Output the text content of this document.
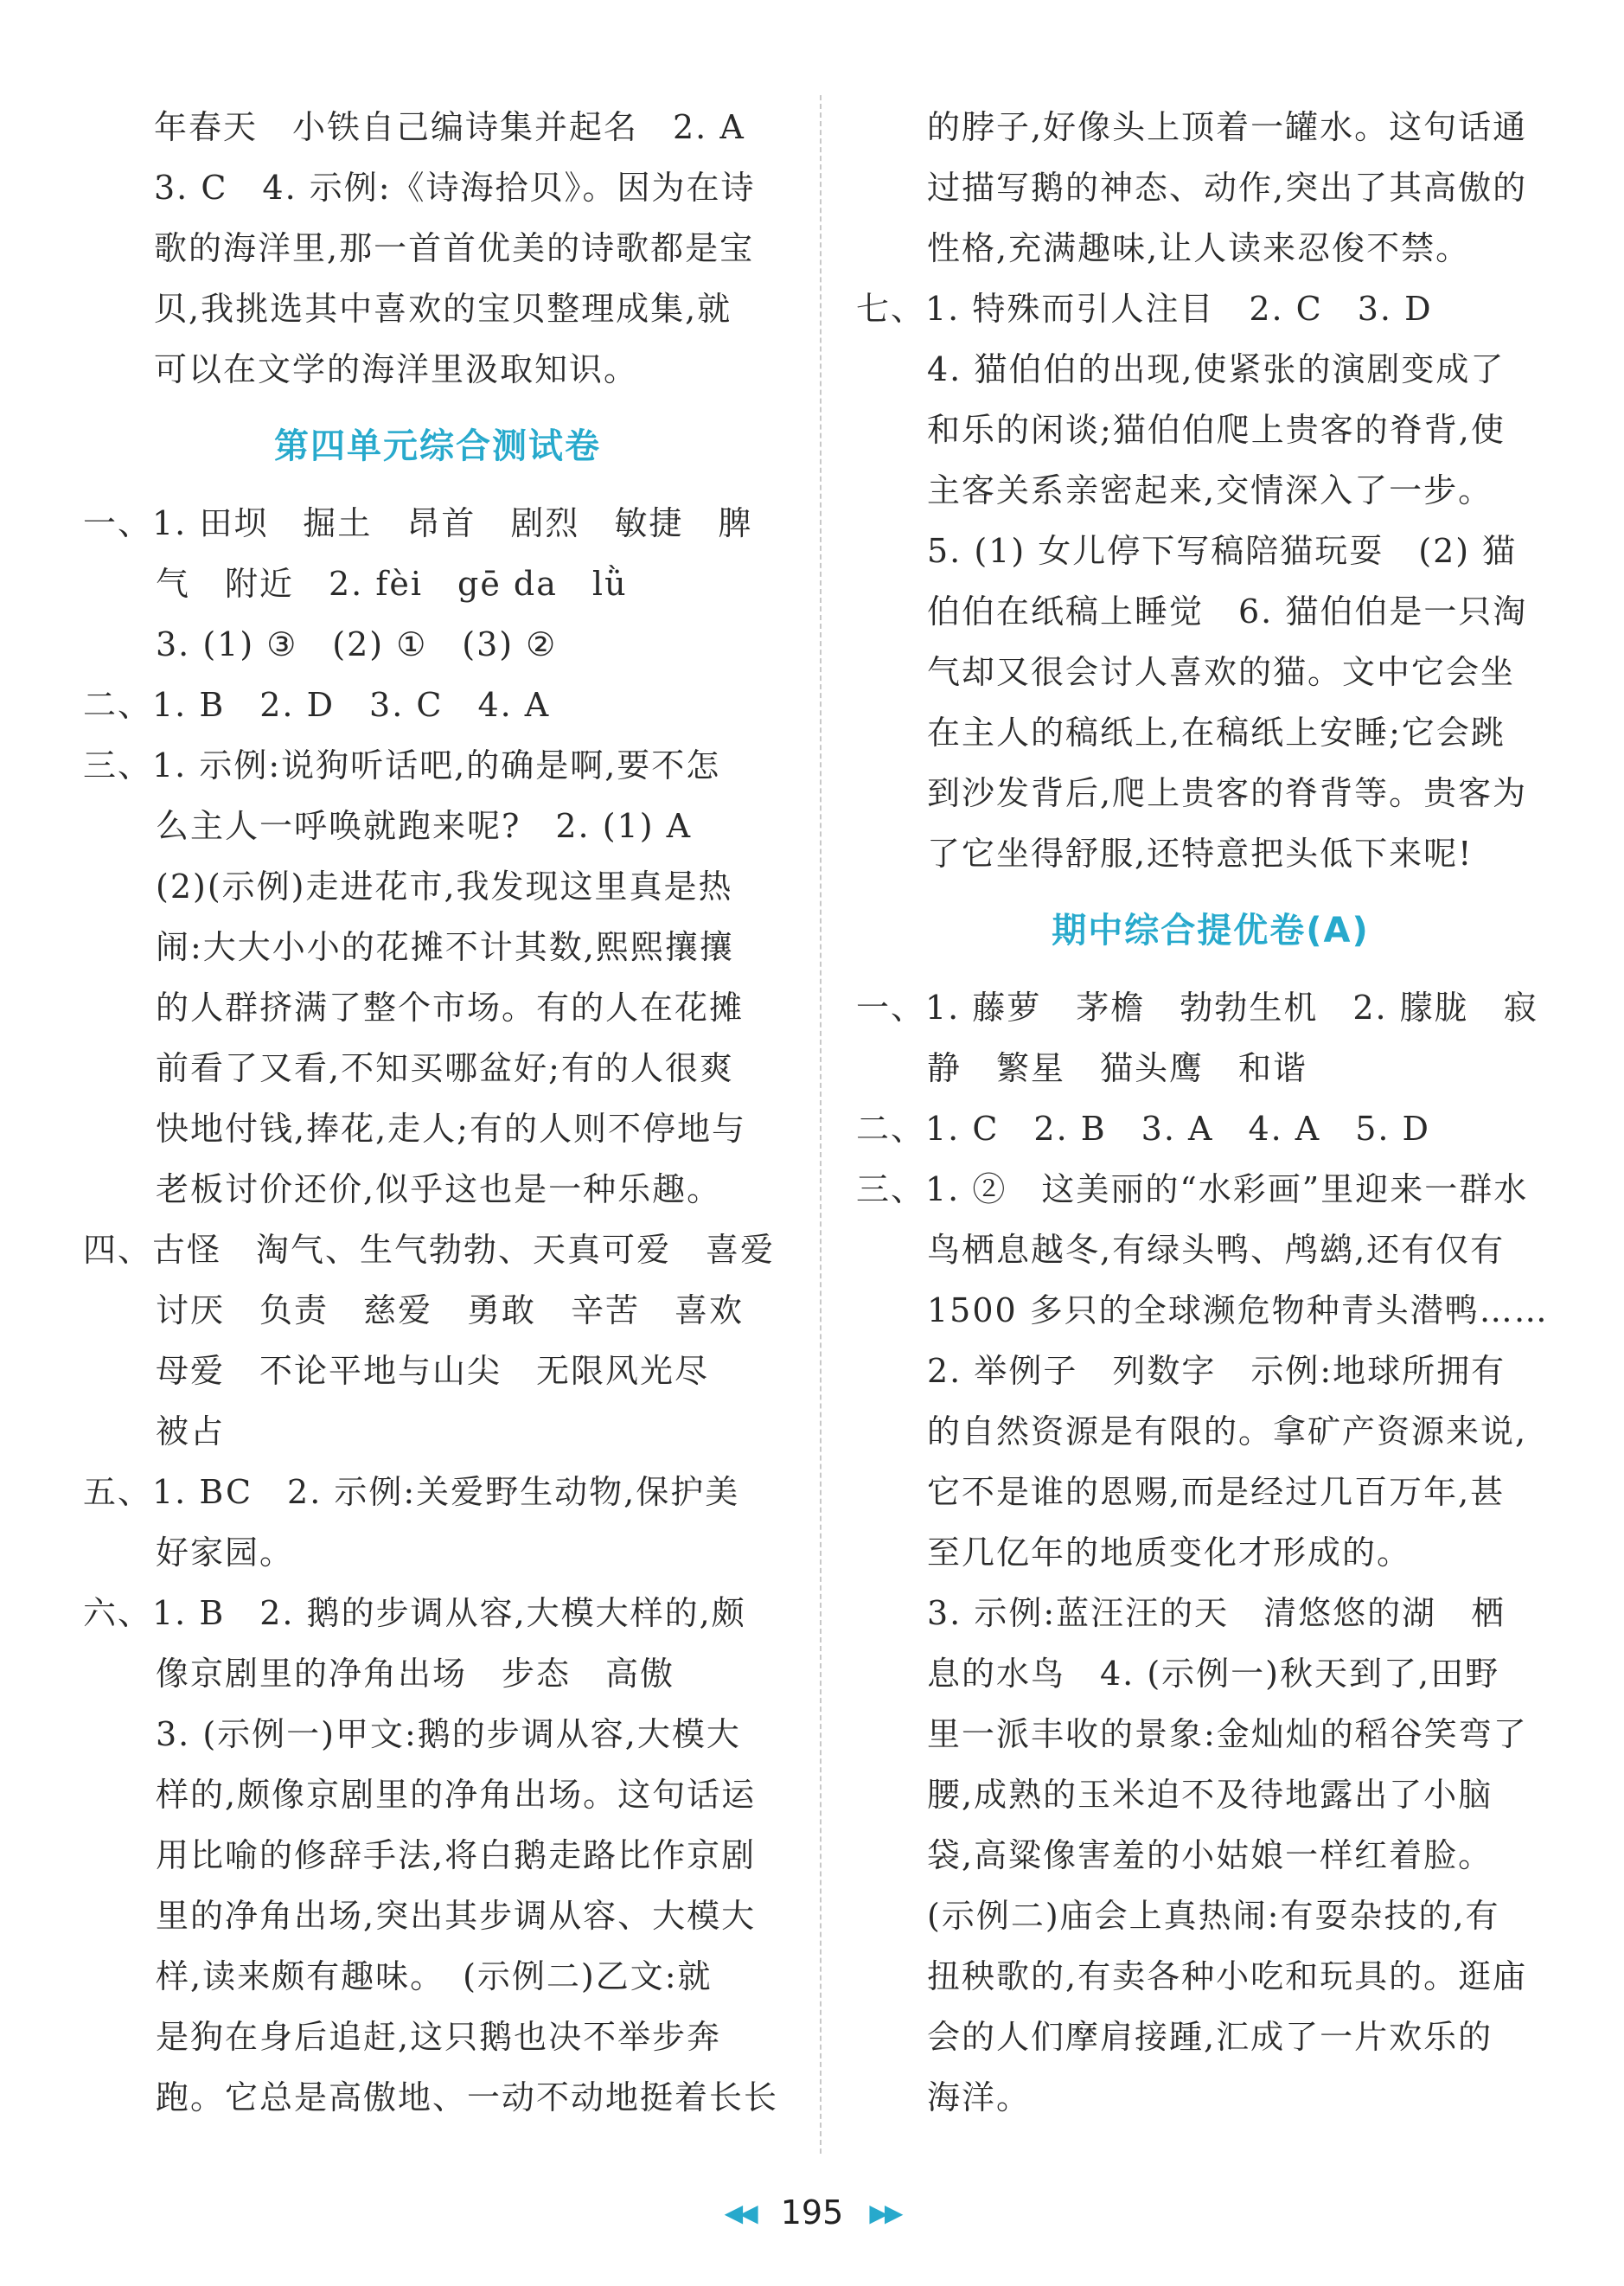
年春天　小铁自己编诗集并起名　2. A
3. C　4. 示例:《诗海拾贝》。因为在诗
歌的海洋里,那一首首优美的诗歌都是宝
贝,我挑选其中喜欢的宝贝整理成集,就
可以在文学的海洋里汲取知识。
第四单元综合测试卷
一、1. 田坝　掘土　昂首　剧烈　敏捷　脾
气　附近　2. fèi　gē da　lǜ
3. (1) ③　(2) ①　(3) ②
二、1. B　2. D　3. C　4. A
三、1. 示例:说狗听话吧,的确是啊,要不怎
么主人一呼唤就跑来呢?　2. (1) A
(2)(示例)走进花市,我发现这里真是热
闹:大大小小的花摊不计其数,熙熙攘攘
的人群挤满了整个市场。有的人在花摊
前看了又看,不知买哪盆好;有的人很爽
快地付钱,捧花,走人;有的人则不停地与
老板讨价还价,似乎这也是一种乐趣。
四、古怪　淘气、生气勃勃、天真可爱　喜爱
讨厌　负责　慈爱　勇敢　辛苦　喜欢
母爱　不论平地与山尖　无限风光尽
被占
五、1. BC　2. 示例:关爱野生动物,保护美
好家园。
六、1. B　2. 鹅的步调从容,大模大样的,颇
像京剧里的净角出场　步态　高傲
3. (示例一)甲文:鹅的步调从容,大模大
样的,颇像京剧里的净角出场。这句话运
用比喻的修辞手法,将白鹅走路比作京剧
里的净角出场,突出其步调从容、大模大
样,读来颇有趣味。　(示例二)乙文:就
是狗在身后追赶,这只鹅也决不举步奔
跑。它总是高傲地、一动不动地挺着长长
的脖子,好像头上顶着一罐水。这句话通
过描写鹅的神态、动作,突出了其高傲的
性格,充满趣味,让人读来忍俊不禁。
七、1. 特殊而引人注目　2. C　3. D
4. 猫伯伯的出现,使紧张的演剧变成了
和乐的闲谈;猫伯伯爬上贵客的脊背,使
主客关系亲密起来,交情深入了一步。
5. (1) 女儿停下写稿陪猫玩耍　(2) 猫
伯伯在纸稿上睡觉　6. 猫伯伯是一只淘
气却又很会讨人喜欢的猫。文中它会坐
在主人的稿纸上,在稿纸上安睡;它会跳
到沙发背后,爬上贵客的脊背等。贵客为
了它坐得舒服,还特意把头低下来呢!
期中综合提优卷(A)
一、1. 藤萝　茅檐　勃勃生机　2. 朦胧　寂
静　繁星　猫头鹰　和谐
二、1. C　2. B　3. A　4. A　5. D
三、1. ②　这美丽的“水彩画”里迎来一群水
鸟栖息越冬,有绿头鸭、鸬鹚,还有仅有
1500 多只的全球濒危物种青头潜鸭……
2. 举例子　列数字　示例:地球所拥有
的自然资源是有限的。拿矿产资源来说,
它不是谁的恩赐,而是经过几百万年,甚
至几亿年的地质变化才形成的。
3. 示例:蓝汪汪的天　清悠悠的湖　栖
息的水鸟　4. (示例一)秋天到了,田野
里一派丰收的景象:金灿灿的稻谷笑弯了
腰,成熟的玉米迫不及待地露出了小脑
袋,高粱像害羞的小姑娘一样红着脸。
(示例二)庙会上真热闹:有耍杂技的,有
扭秧歌的,有卖各种小吃和玩具的。逛庙
会的人们摩肩接踵,汇成了一片欢乐的
海洋。
◀◀ 195 ▶▶
